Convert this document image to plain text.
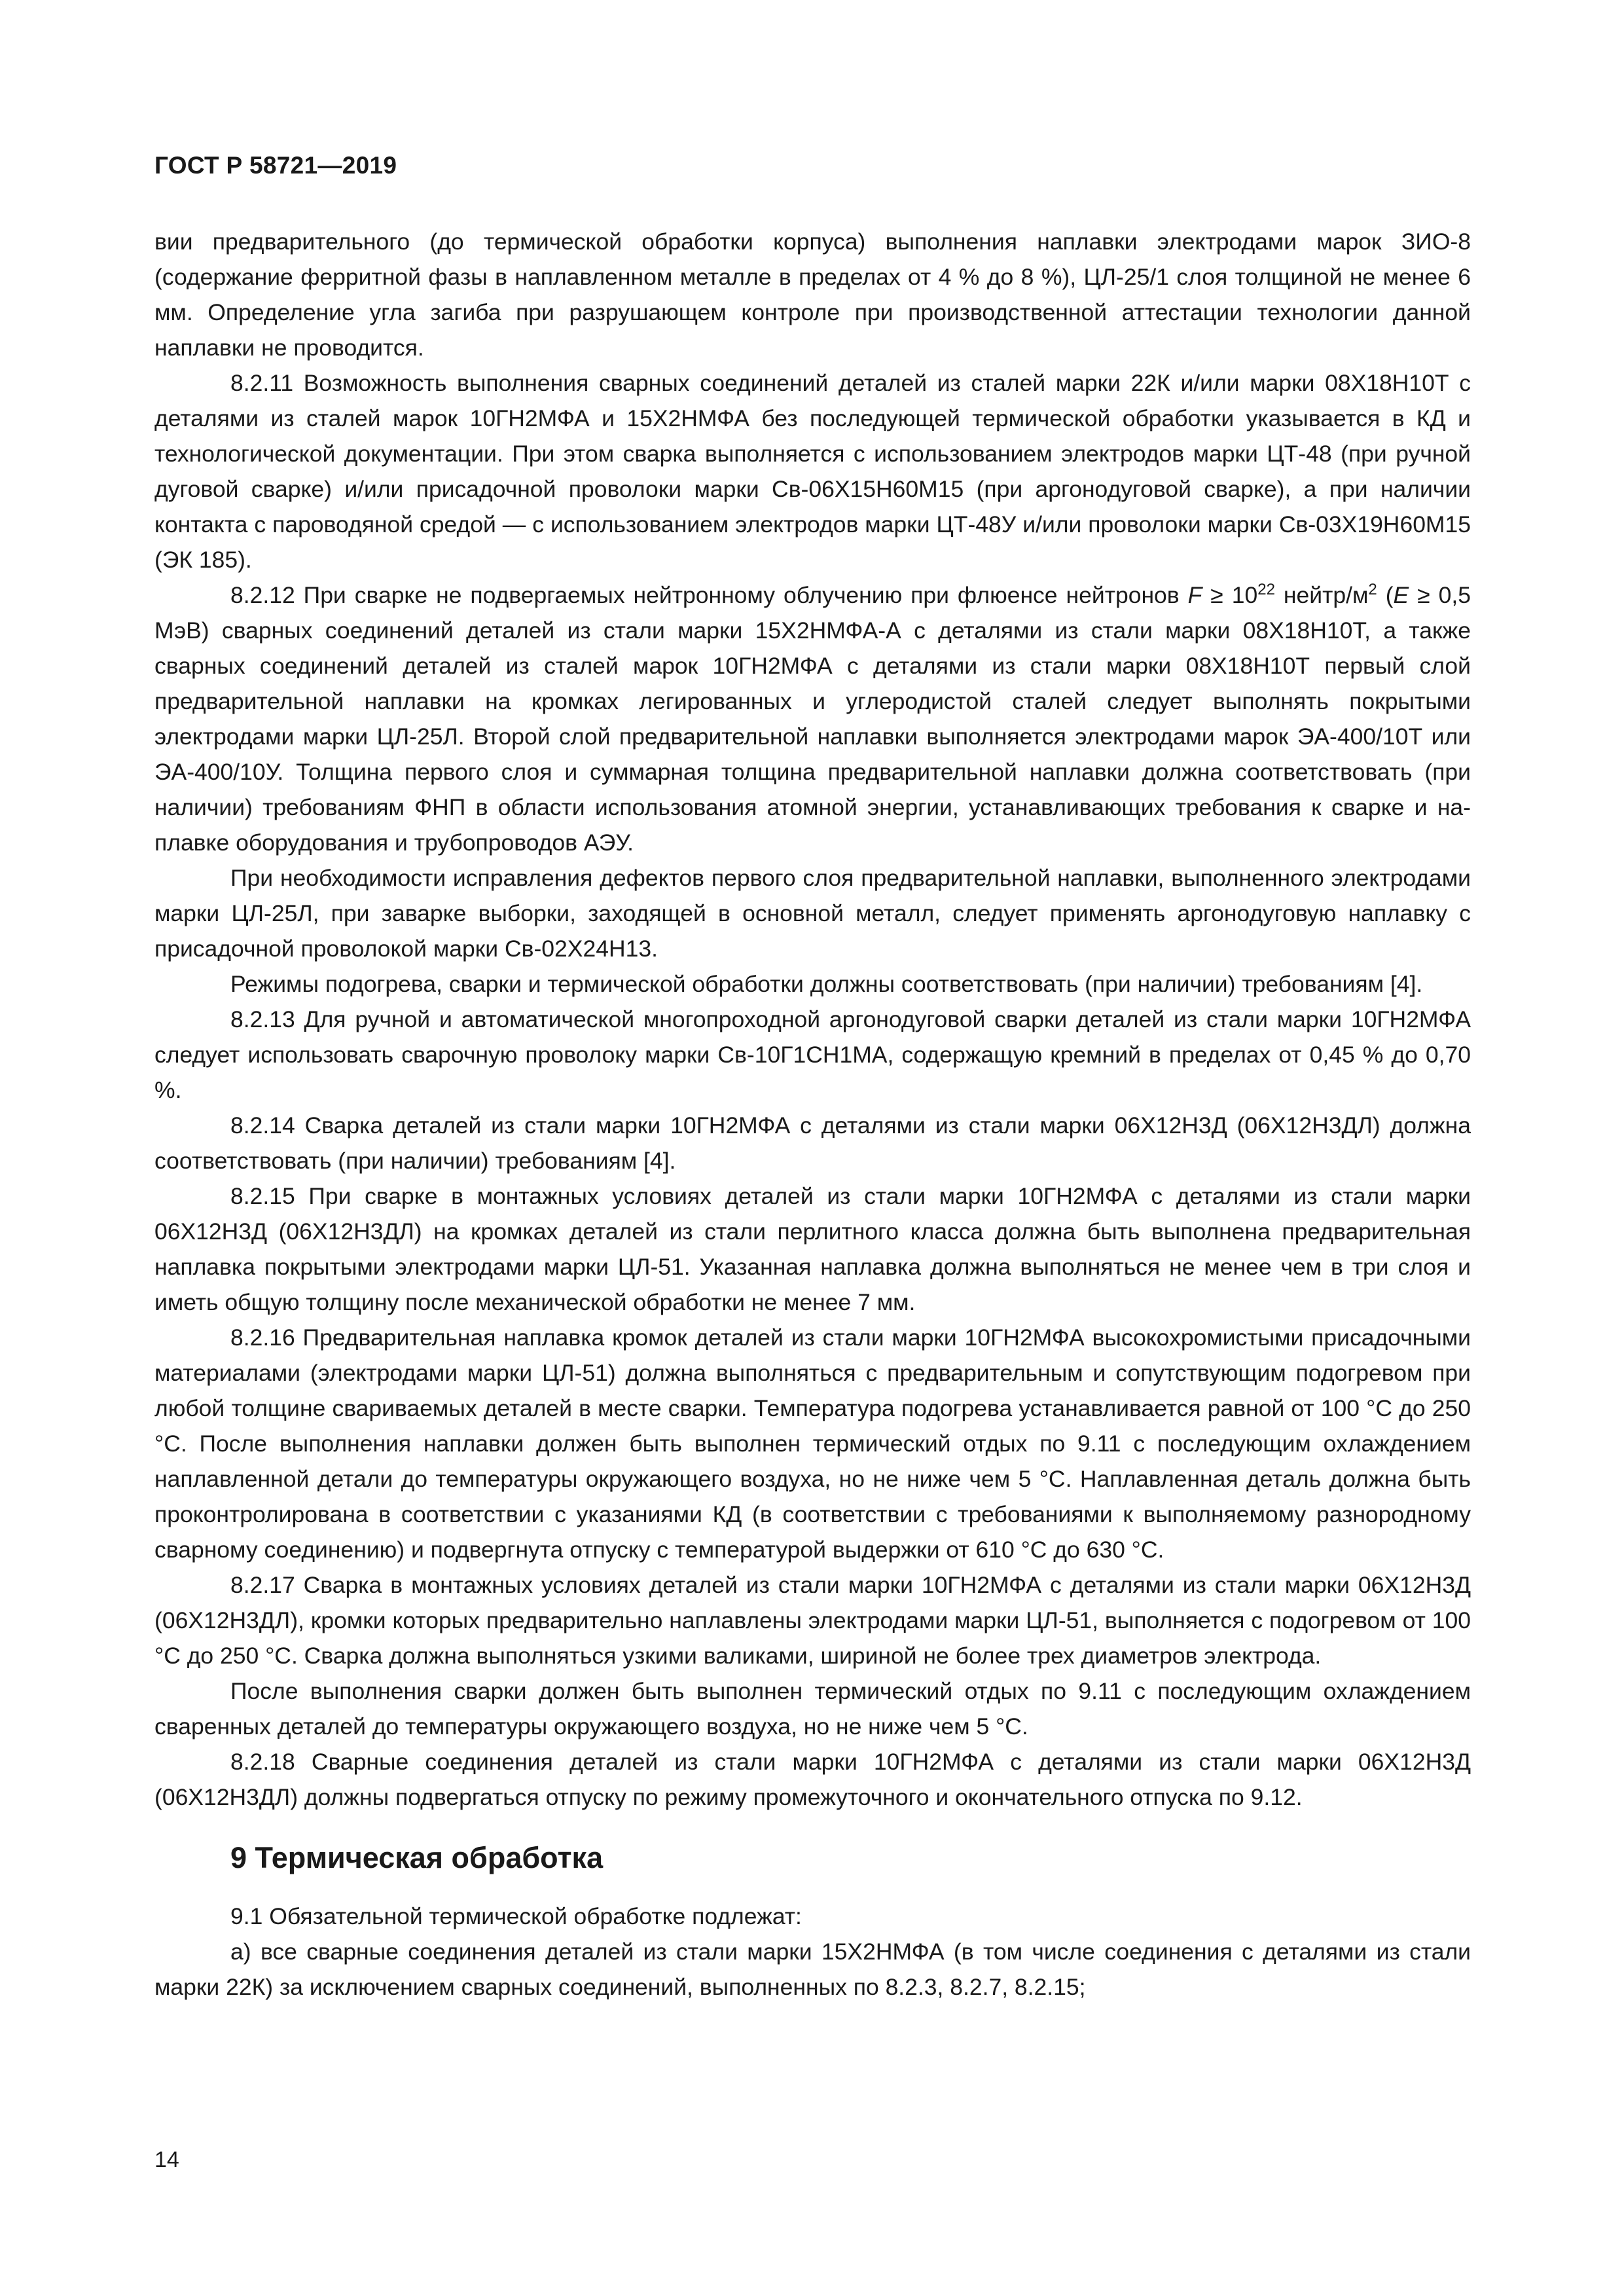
ГОСТ Р 58721—2019

вии предварительного (до термической обработки корпуса) выполнения наплавки электродами марок ЗИО-8 (содержание ферритной фазы в наплавленном металле в пределах от 4 % до 8 %), ЦЛ-25/1 слоя толщиной не менее 6 мм. Определение угла загиба при разрушающем контроле при производственной аттестации технологии данной наплавки не проводится.

8.2.11 Возможность выполнения сварных соединений деталей из сталей марки 22К и/или марки 08Х18Н10Т с деталями из сталей марок 10ГН2МФА и 15Х2НМФА без последующей термической обработки указывается в КД и технологической документации. При этом сварка выполняется с использованием электродов марки ЦТ-48 (при ручной дуговой сварке) и/или присадочной проволоки марки Св-06Х15Н60М15 (при аргонодуговой сварке), а при наличии контакта с пароводяной средой — с использованием электродов марки ЦТ-48У и/или проволоки марки Св-03Х19Н60М15 (ЭК 185).

8.2.12 При сварке не подвергаемых нейтронному облучению при флюенсе нейтронов $F \ge 10^{22}$ нейтр/$м^2$ (E ≥ 0,5 МэВ) сварных соединений деталей из стали марки 15Х2НМФА-А с деталями из стали марки 08Х18Н10Т, а также сварных соединений деталей из сталей марок 10ГН2МФА с деталями из стали марки 08Х18Н10Т первый слой предварительной наплавки на кромках легированных и углеродистой сталей следует выполнять покрытыми электродами марки ЦЛ-25Л. Второй слой предварительной наплавки выполняется электродами марок ЭА-400/10Т или ЭА-400/10У. Толщина первого слоя и суммарная толщина предварительной наплавки должна соответствовать (при наличии) требованиям ФНП в области использования атомной энергии, устанавливающих требования к сварке и наплавке оборудования и трубопроводов АЭУ.

При необходимости исправления дефектов первого слоя предварительной наплавки, выполненного электродами марки ЦЛ-25Л, при заварке выборки, заходящей в основной металл, следует применять аргонодуговую наплавку с присадочной проволокой марки Св-02Х24Н13.

Режимы подогрева, сварки и термической обработки должны соответствовать (при наличии) требованиям [4].

8.2.13 Для ручной и автоматической многопроходной аргонодуговой сварки деталей из стали марки 10ГН2МФА следует использовать сварочную проволоку марки Св-10Г1СН1МА, содержащую кремний в пределах от 0,45 % до 0,70 %.

8.2.14 Сварка деталей из стали марки 10ГН2МФА с деталями из стали марки 06Х12Н3Д (06Х12Н3ДЛ) должна соответствовать (при наличии) требованиям [4].

8.2.15 При сварке в монтажных условиях деталей из стали марки 10ГН2МФА с деталями из стали марки 06Х12Н3Д (06Х12Н3ДЛ) на кромках деталей из стали перлитного класса должна быть выполнена предварительная наплавка покрытыми электродами марки ЦЛ-51. Указанная наплавка должна выполняться не менее чем в три слоя и иметь общую толщину после механической обработки не менее 7 мм.

8.2.16 Предварительная наплавка кромок деталей из стали марки 10ГН2МФА высокохромистыми присадочными материалами (электродами марки ЦЛ-51) должна выполняться с предварительным и сопутствующим подогревом при любой толщине свариваемых деталей в месте сварки. Температура подогрева устанавливается равной от 100 °С до 250 °С. После выполнения наплавки должен быть выполнен термический отдых по 9.11 с последующим охлаждением наплавленной детали до температуры окружающего воздуха, но не ниже чем 5 °С. Наплавленная деталь должна быть проконтролирована в соответствии с указаниями КД (в соответствии с требованиями к выполняемому разнородному сварному соединению) и подвергнута отпуску с температурой выдержки от 610 °С до 630 °С.

8.2.17 Сварка в монтажных условиях деталей из стали марки 10ГН2МФА с деталями из стали марки 06Х12Н3Д (06Х12Н3ДЛ), кромки которых предварительно наплавлены электродами марки ЦЛ-51, выполняется с подогревом от 100 °С до 250 °С. Сварка должна выполняться узкими валиками, шириной не более трех диаметров электрода.

После выполнения сварки должен быть выполнен термический отдых по 9.11 с последующим охлаждением сваренных деталей до температуры окружающего воздуха, но не ниже чем 5 °С.

8.2.18 Сварные соединения деталей из стали марки 10ГН2МФА с деталями из стали марки 06Х12Н3Д (06Х12Н3ДЛ) должны подвергаться отпуску по режиму промежуточного и окончательного отпуска по 9.12.

9 Термическая обработка

9.1 Обязательной термической обработке подлежат:

а) все сварные соединения деталей из стали марки 15Х2НМФА (в том числе соединения с деталями из стали марки 22К) за исключением сварных соединений, выполненных по 8.2.3, 8.2.7, 8.2.15;

14
